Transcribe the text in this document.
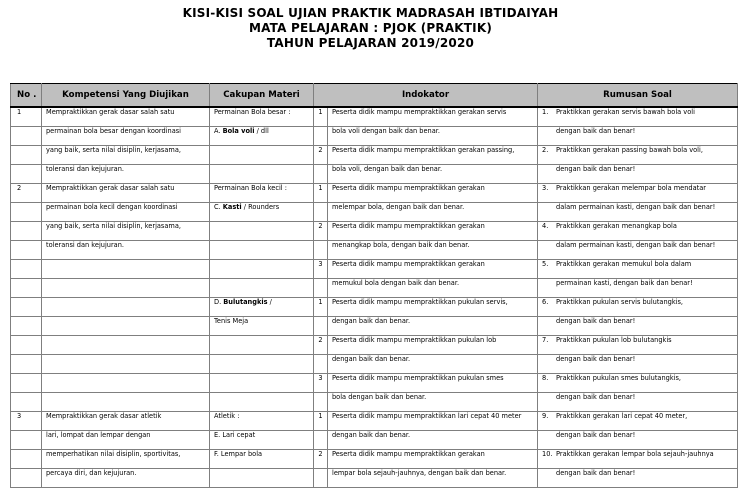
KISI-KISI SOAL UJIAN PRAKTIK MADRASAH IBTIDAIYAH
MATA PELAJARAN : PJOK (PRAKTIK)
TAHUN PELAJARAN 2019/2020
No .	Kompetensi Yang Diujikan	Cakupan Materi	Indokator		Rumusan Soal
1	Mempraktikkan gerak dasar salah satu	Permainan Bola besar :	1	Peserta didik mampu mempraktikkan gerakan servis	1. Praktikkan gerakan servis bawah bola voli
	permainan bola besar dengan koordinasi	A. Bola voli / dll		bola voli dengan baik dan benar.	dengan baik dan benar!
	yang baik, serta nilai disiplin, kerjasama,		2	Peserta didik mampu mempraktikkan gerakan passing,	2. Praktikkan gerakan passing bawah bola voli,
	toleransi dan kejujuran.			bola voli, dengan baik dan benar.	dengan baik dan benar!
2	Mempraktikkan gerak dasar salah satu	Permainan Bola kecil :	1	Peserta didik mampu mempraktikkan gerakan	3. Praktikkan gerakan melempar bola mendatar
	permainan bola kecil dengan koordinasi	C. Kasti / Rounders		melempar bola, dengan baik dan benar.	dalam permainan kasti, dengan baik dan benar!
	yang baik, serta nilai disiplin, kerjasama,		2	Peserta didik mampu mempraktikkan gerakan	4. Praktikkan gerakan menangkap bola
	toleransi dan kejujuran.			menangkap bola, dengan baik dan benar.	dalam permainan kasti, dengan baik dan benar!
			3	Peserta didik mampu mempraktikkan gerakan	5. Praktikkan gerakan memukul bola dalam
				memukul bola dengan baik dan benar.	permainan kasti, dengan baik dan benar!
		D. Bulutangkis /	1	Peserta didik mampu mempraktikkan pukulan servis,	6. Praktikkan pukulan servis bulutangkis,
		Tenis Meja		dengan baik dan benar.	dengan baik dan benar!
			2	Peserta didik mampu mempraktikkan pukulan lob	7. Praktikkan pukulan lob bulutangkis
				dengan baik dan benar.	dengan baik dan benar!
			3	Peserta didik mampu mempraktikkan pukulan smes	8. Praktikkan pukulan smes bulutangkis,
				bola dengan baik dan benar.	dengan baik dan benar!
3	Mempraktikkan gerak dasar atletik	Atletik :	1	Peserta didik mampu mempraktikkan lari cepat 40 meter	9. Praktikkan gerakan lari cepat 40 meter,
	lari, lompat dan lempar dengan	E. Lari cepat		dengan baik dan benar.	dengan baik dan benar!
	memperhatikan nilai disiplin, sportivitas,	F. Lempar bola	2	Peserta didik mampu mempraktikkan gerakan	10. Praktikkan gerakan lempar bola sejauh-jauhnya
	percaya diri, dan kejujuran.			lempar bola sejauh-jauhnya, dengan baik dan benar.	dengan baik dan benar!
